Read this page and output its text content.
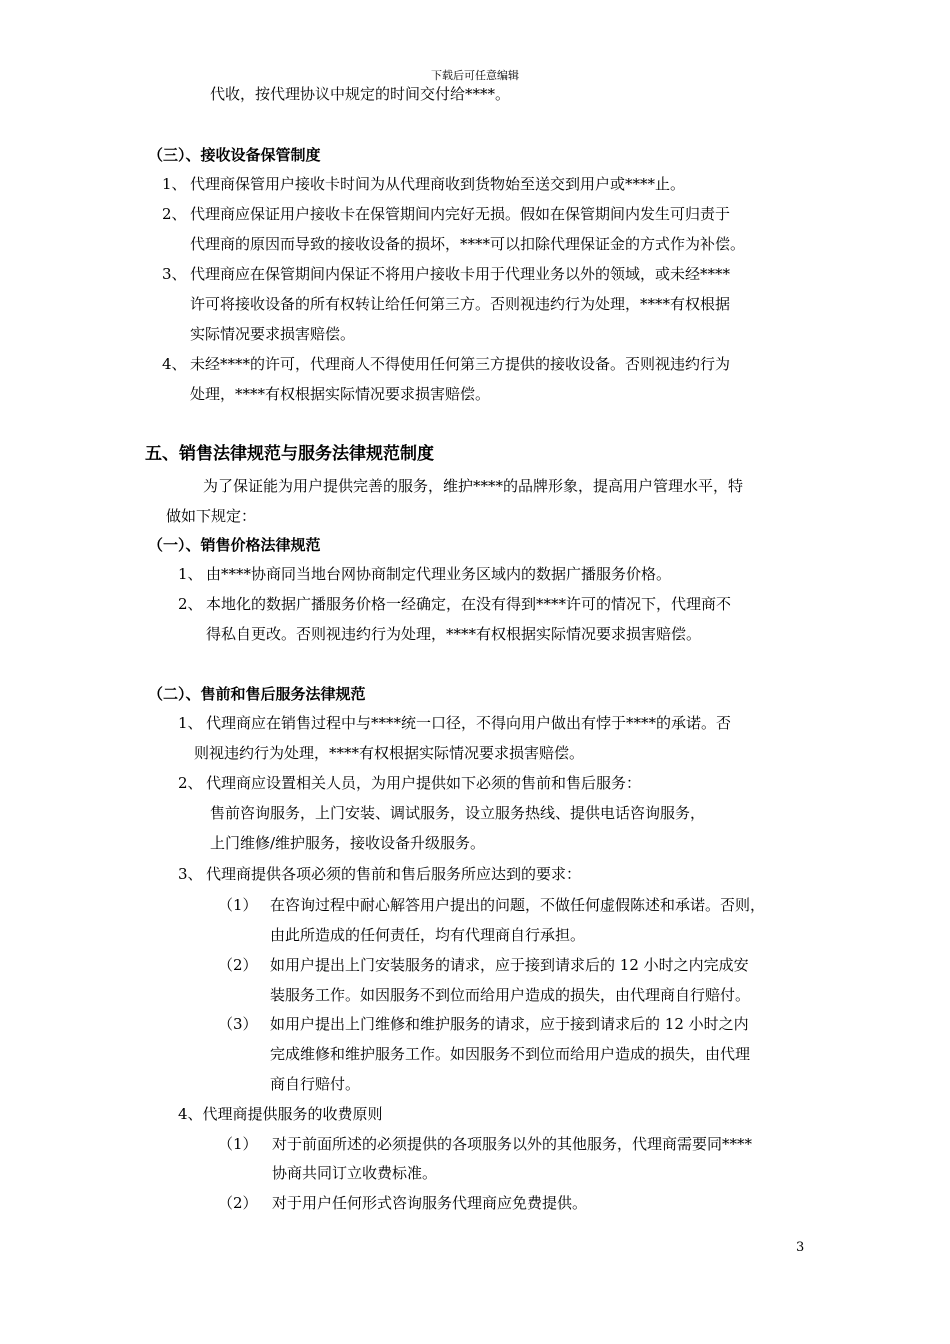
下载后可任意编辑
代收，按代理协议中规定的时间交付给****。
（三）、接收设备保管制度
1、 代理商保管用户接收卡时间为从代理商收到货物始至送交到用户或****止。
2、 代理商应保证用户接收卡在保管期间内完好无损。假如在保管期间内发生可归责于
代理商的原因而导致的接收设备的损坏，****可以扣除代理保证金的方式作为补偿。
3、 代理商应在保管期间内保证不将用户接收卡用于代理业务以外的领域，或未经****
许可将接收设备的所有权转让给任何第三方。否则视违约行为处理，****有权根据
实际情况要求损害赔偿。
4、 未经****的许可，代理商人不得使用任何第三方提供的接收设备。否则视违约行为
处理，****有权根据实际情况要求损害赔偿。
五、销售法律规范与服务法律规范制度
为了保证能为用户提供完善的服务，维护****的品牌形象，提高用户管理水平，特
做如下规定：
（一）、销售价格法律规范
1、 由****协商同当地台网协商制定代理业务区域内的数据广播服务价格。
2、 本地化的数据广播服务价格一经确定，在没有得到****许可的情况下，代理商不
得私自更改。否则视违约行为处理，****有权根据实际情况要求损害赔偿。
（二）、售前和售后服务法律规范
1、 代理商应在销售过程中与****统一口径，不得向用户做出有悖于****的承诺。否
则视违约行为处理，****有权根据实际情况要求损害赔偿。
2、 代理商应设置相关人员，为用户提供如下必须的售前和售后服务：
售前咨询服务，上门安装、调试服务，设立服务热线、提供电话咨询服务，
上门维修/维护服务，接收设备升级服务。
3、 代理商提供各项必须的售前和售后服务所应达到的要求：
（1） 在咨询过程中耐心解答用户提出的问题，不做任何虚假陈述和承诺。否则，
由此所造成的任何责任，均有代理商自行承担。
（2） 如用户提出上门安装服务的请求，应于接到请求后的 12 小时之内完成安
装服务工作。如因服务不到位而给用户造成的损失，由代理商自行赔付。
（3） 如用户提出上门维修和维护服务的请求，应于接到请求后的 12 小时之内
完成维修和维护服务工作。如因服务不到位而给用户造成的损失，由代理
商自行赔付。
4、代理商提供服务的收费原则
（1） 对于前面所述的必须提供的各项服务以外的其他服务，代理商需要同****
协商共同订立收费标准。
（2） 对于用户任何形式咨询服务代理商应免费提供。
3
